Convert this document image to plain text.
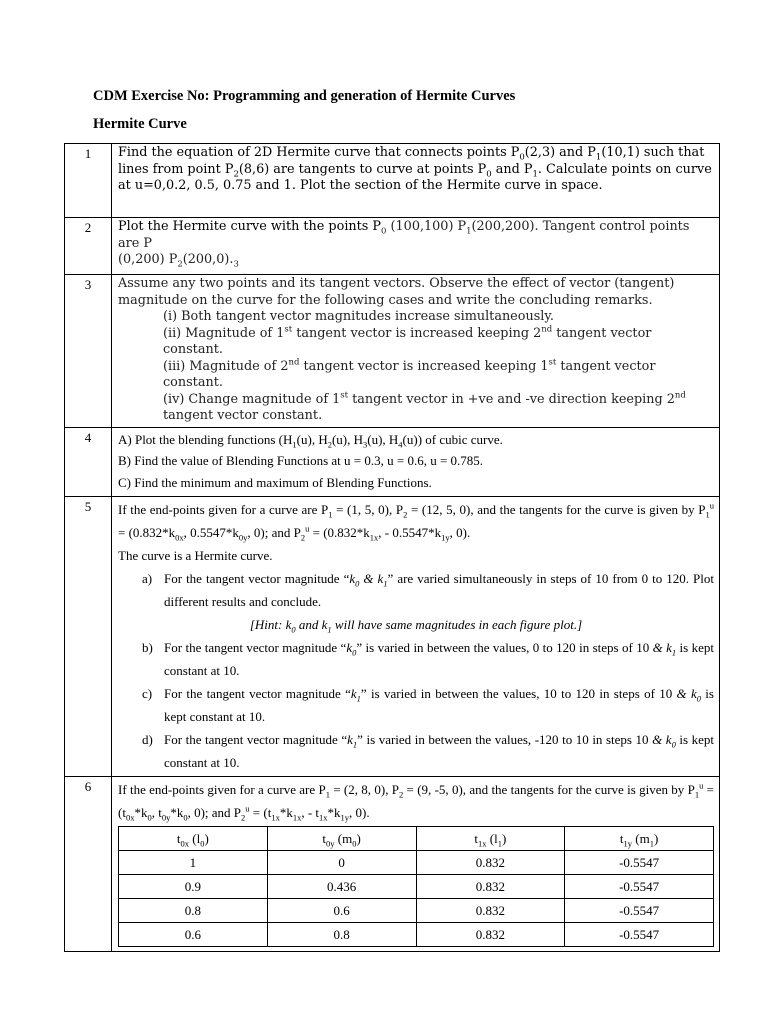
CDM Exercise No: Programming and generation of Hermite Curves
Hermite Curve
1	Find the equation of 2D Hermite curve that connects points $P_0(2,3)$ and $P_1(10,1)$ such that lines from point $P_2(8,6)$ are tangents to curve at points $P_0$ and $P_1$. Calculate points on curve at u=0,0.2, 0.5, 0.75 and 1. Plot the section of the Hermite curve in space.
2	Plot the Hermite curve with the points $P_0$ (100,100) $P_1(200,200)$. Tangent control points are P
(0,200) $P_2(200,0)._3$
3	Assume any two points and its tangent vectors. Observe the effect of vector (tangent) magnitude on the curve for the following cases and write the concluding remarks.
(i) Both tangent vector magnitudes increase simultaneously.
(ii) Magnitude of 1st tangent vector is increased keeping 2nd tangent vector constant.
(iii) Magnitude of 2nd tangent vector is increased keeping 1st tangent vector constant.
(iv) Change magnitude of 1st tangent vector in +ve and -ve direction keeping 2nd tangent vector constant.

4	A) Plot the blending functions ($H_1(u)$, $H_2(u)$, $H_3(u)$, $H_4(u)$) of cubic curve.
B) Find the value of Blending Functions at u = 0.3, u = 0.6, u = 0.785.
C) Find the minimum and maximum of Blending Functions.

5	If the end-points given for a curve are $P_1 = (1$, 5, 0), $P_2 = (12$, 5, 0), and the tangents for the curve is given by $P_1^u = (0.832*k_{0x}$, $0.5547*k_{0y}$, 0); and $P_2^u = (0.832*k_{1x}$, - $0.5547*k_{1y}$, 0).
The curve is a Hermite curve.
a) For the tangent vector magnitude “$k_0$ & $k_1$” are varied simultaneously in steps of 10 from 0 to 120. Plot different results and conclude.
[Hint: $k_0$ and $k_1$ will have same magnitudes in each figure plot.]
b) For the tangent vector magnitude “$k_0$” is varied in between the values, 0 to 120 in steps of 10 & $k_1$ is kept constant at 10.
c) For the tangent vector magnitude “$k_1$” is varied in between the values, 10 to 120 in steps of 10 & $k_0$ is kept constant at 10.
d) For the tangent vector magnitude “$k_1$” is varied in between the values, -120 to 10 in steps 10 & $k_0$ is kept constant at 10.

6	If the end-points given for a curve are $P_1 = (2$, 8, 0), $P_2 = (9$, -5, 0), and the tangents for the curve is given by $P_1^u = (t_{0x}*k_0$, $t_{0y}*k_0$, 0); and $P_2^u = (t_{1x}*k_{1x}$, - $t_{1x}*k_{1y}$, 0).
$t_{0x}$ $(l_0)$	$t_{0y}$ $(m_0)$	$t_{1x}$ $(l_1)$	$t_{1y}$ $(m_1)$
1	0	0.832	-0.5547
0.9	0.436	0.832	-0.5547
0.8	0.6	0.832	-0.5547
0.6	0.8	0.832	-0.5547
